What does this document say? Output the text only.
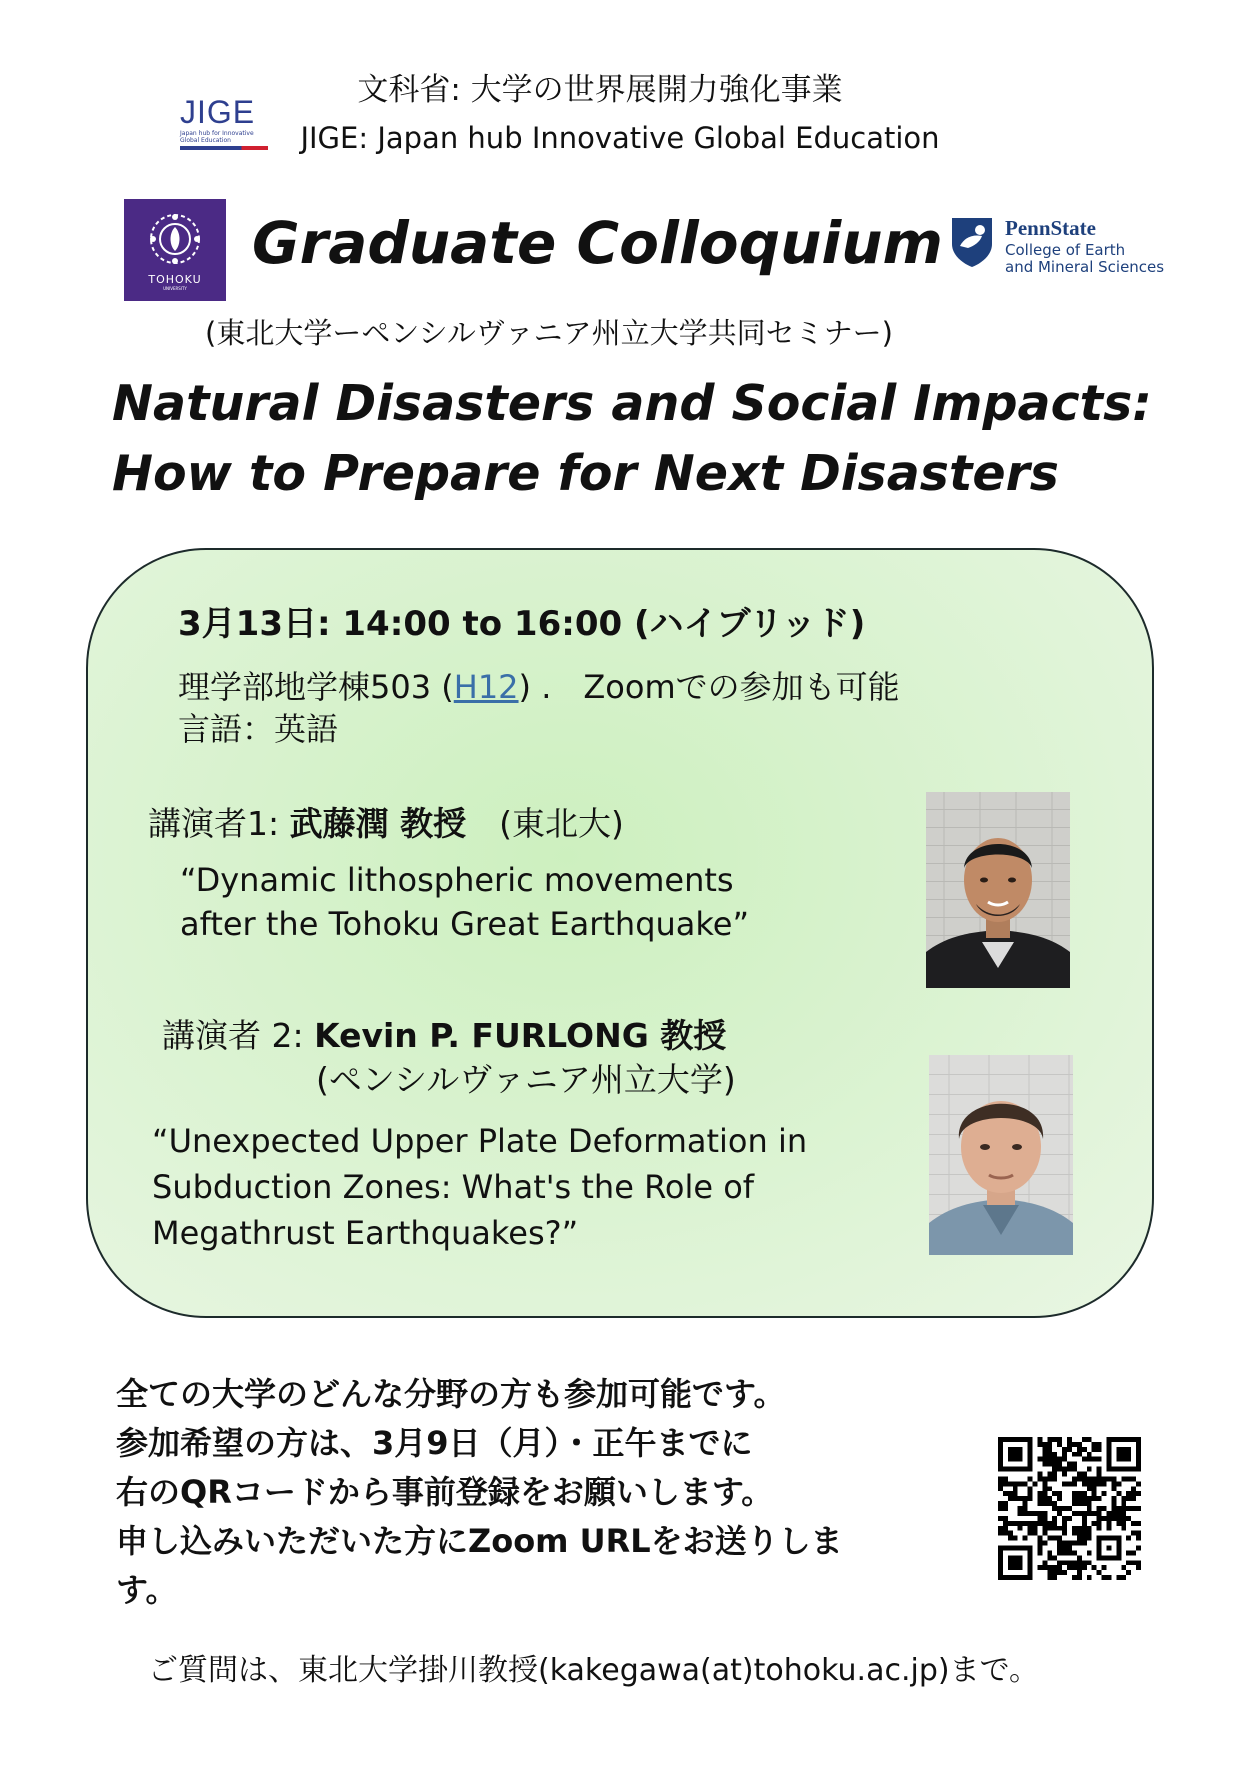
JIGE
Japan hub for Innovative Global Education
文科省: 大学の世界展開力強化事業
JIGE: Japan hub Innovative Global Education
TOHOKU
UNIVERSITY
Graduate Colloquium	PennState
College of Earth
and Mineral Sciences
(東北大学ーペンシルヴァニア州立大学共同セミナー)
Natural Disasters and Social Impacts:
How to Prepare for Next Disasters
3月13日: 14:00 to 16:00 (ハイブリッド)
理学部地学棟503 (H12) .　Zoomでの参加も可能
言語：英語
講演者1: 武藤潤 教授　(東北大)
“Dynamic lithospheric movements
after the Tohoku Great Earthquake”
講演者 2: Kevin P. FURLONG 教授
(ペンシルヴァニア州立大学)
“Unexpected Upper Plate Deformation in
Subduction Zones: What's the Role of
Megathrust Earthquakes?”
全ての大学のどんな分野の方も参加可能です。
参加希望の方は、3月9日（月）・正午までに
右のQRコードから事前登録をお願いします。
申し込みいただいた方にZoom URLをお送りしま
す。
ご質問は、東北大学掛川教授(kakegawa(at)tohoku.ac.jp)まで。
